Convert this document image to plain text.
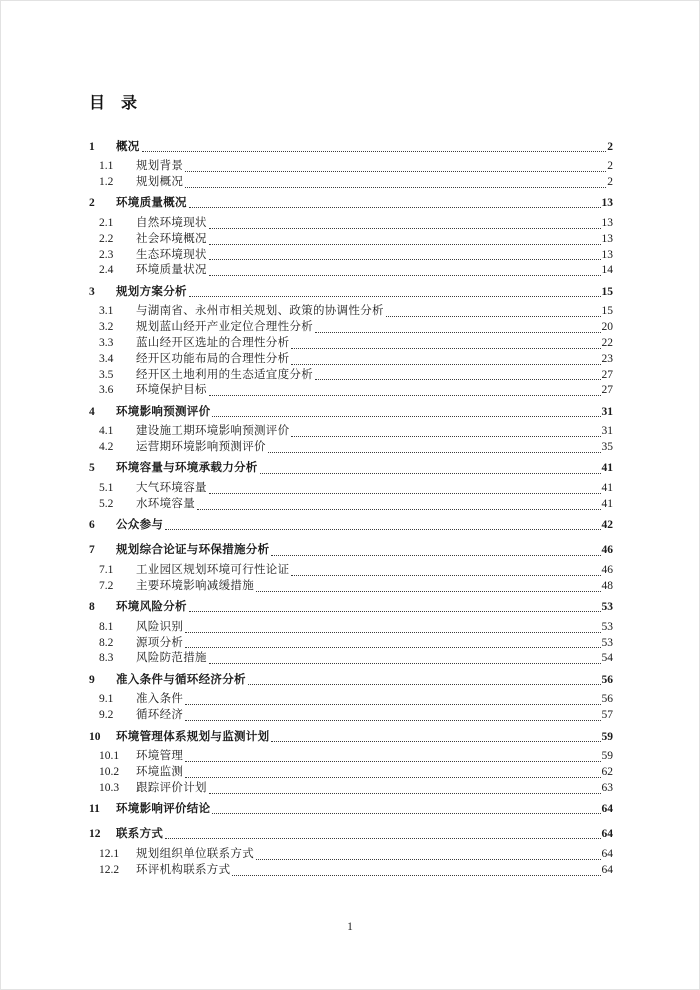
目　录
1	概况	2
1.1	规划背景	2
1.2	规划概况	2
2	环境质量概况	13
2.1	自然环境现状	13
2.2	社会环境概况	13
2.3	生态环境现状	13
2.4	环境质量状况	14
3	规划方案分析	15
3.1	与湖南省、永州市相关规划、政策的协调性分析	15
3.2	规划蓝山经开产业定位合理性分析	20
3.3	蓝山经开区选址的合理性分析	22
3.4	经开区功能布局的合理性分析	23
3.5	经开区土地利用的生态适宜度分析	27
3.6	环境保护目标	27
4	环境影响预测评价	31
4.1	建设施工期环境影响预测评价	31
4.2	运营期环境影响预测评价	35
5	环境容量与环境承载力分析	41
5.1	大气环境容量	41
5.2	水环境容量	41
6	公众参与	42
7	规划综合论证与环保措施分析	46
7.1	工业园区规划环境可行性论证	46
7.2	主要环境影响减缓措施	48
8	环境风险分析	53
8.1	风险识别	53
8.2	源项分析	53
8.3	风险防范措施	54
9	准入条件与循环经济分析	56
9.1	准入条件	56
9.2	循环经济	57
10	环境管理体系规划与监测计划	59
10.1	环境管理	59
10.2	环境监测	62
10.3	跟踪评价计划	63
11	环境影响评价结论	64
12	联系方式	64
12.1	规划组织单位联系方式	64
12.2	环评机构联系方式	64
1
